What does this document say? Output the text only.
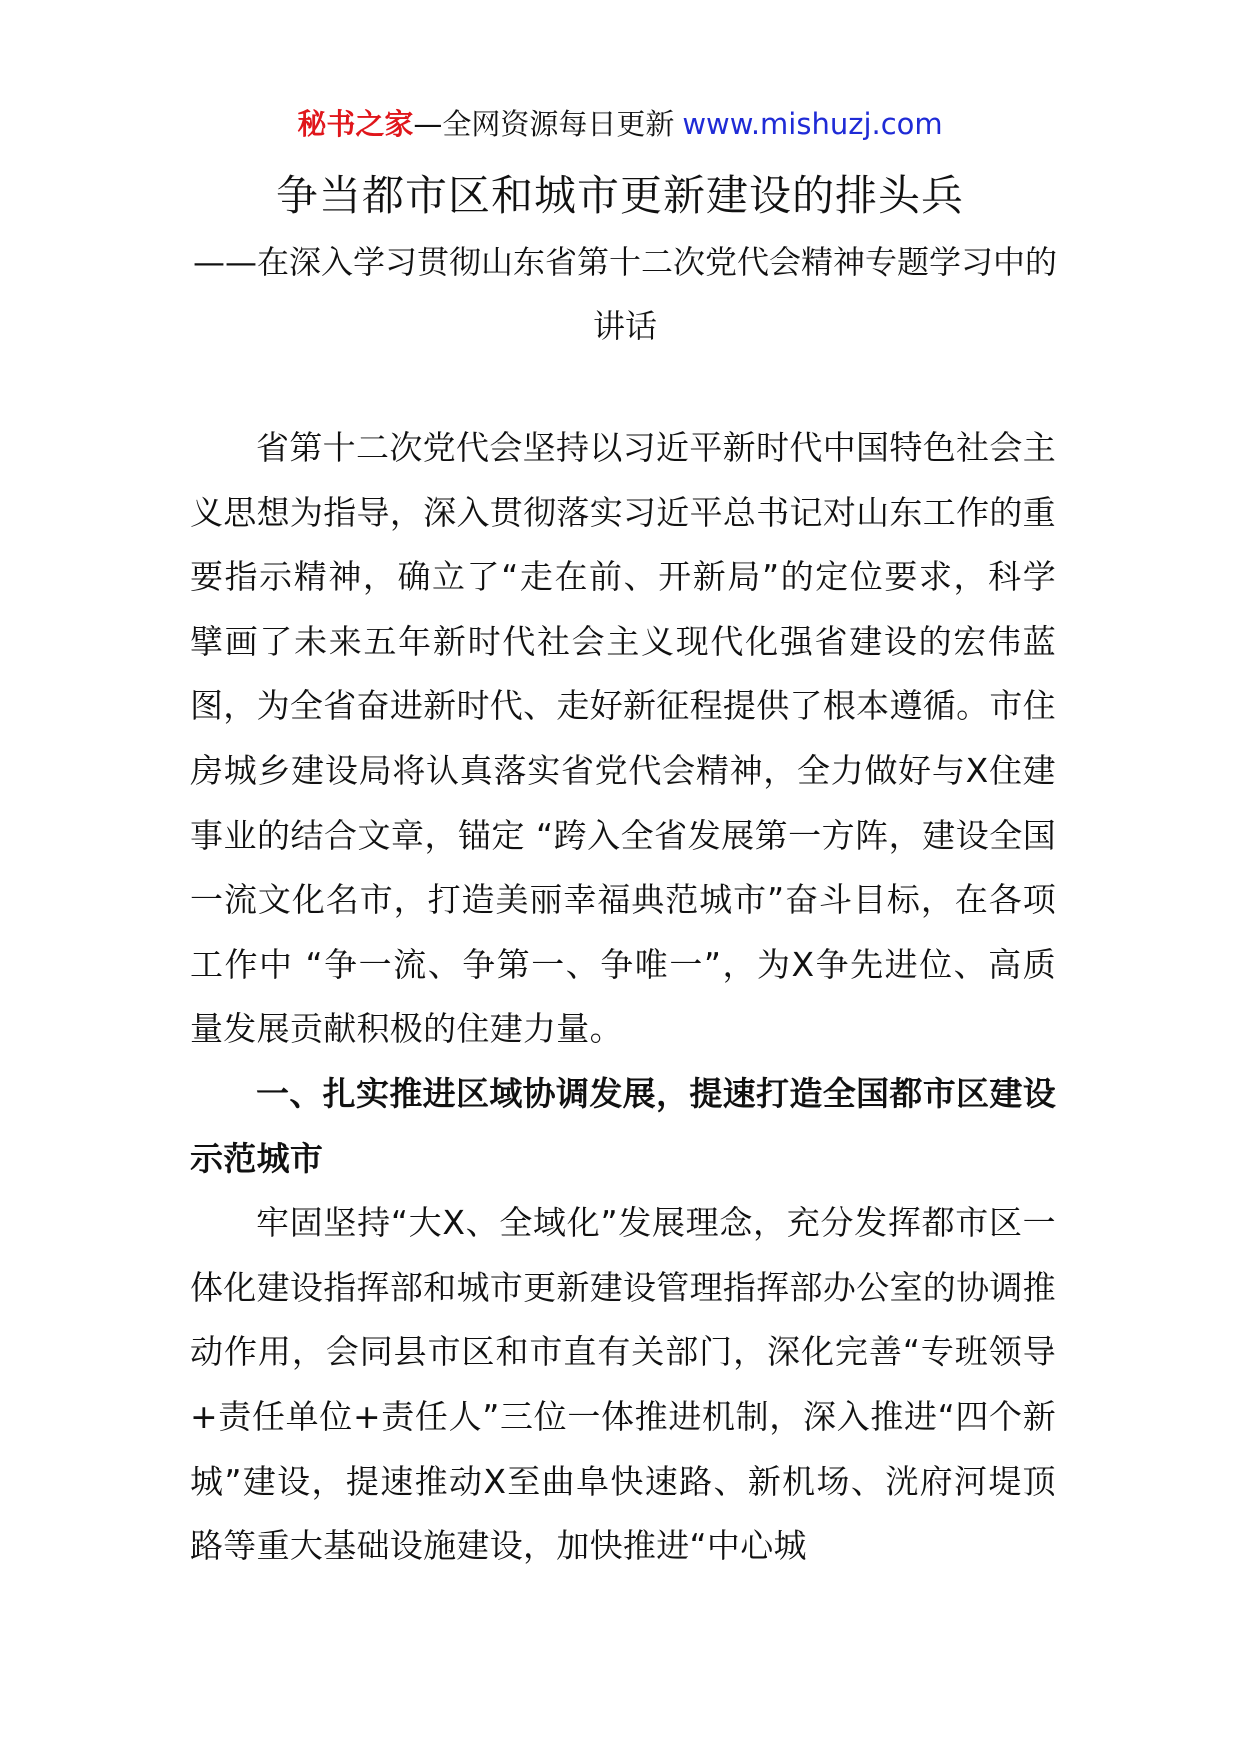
秘书之家—全网资源每日更新 www.mishuzj.com
争当都市区和城市更新建设的排头兵
——在深入学习贯彻山东省第十二次党代会精神专题学习中的讲话

省第十二次党代会坚持以习近平新时代中国特色社会主义思想为指导，深入贯彻落实习近平总书记对山东工作的重要指示精神，确立了“走在前、开新局”的定位要求，科学擘画了未来五年新时代社会主义现代化强省建设的宏伟蓝图，为全省奋进新时代、走好新征程提供了根本遵循。市住房城乡建设局将认真落实省党代会精神，全力做好与X住建事业的结合文章，锚定 “跨入全省发展第一方阵，建设全国一流文化名市，打造美丽幸福典范城市”奋斗目标，在各项工作中 “争一流、争第一、争唯一”，为X争先进位、高质量发展贡献积极的住建力量。

一、扎实推进区域协调发展，提速打造全国都市区建设示范城市

牢固坚持“大X、全域化”发展理念，充分发挥都市区一体化建设指挥部和城市更新建设管理指挥部办公室的协调推动作用，会同县市区和市直有关部门，深化完善“专班领导+责任单位+责任人”三位一体推进机制，深入推进“四个新城”建设，提速推动X至曲阜快速路、新机场、洸府河堤顶路等重大基础设施建设，加快推进“中心城
